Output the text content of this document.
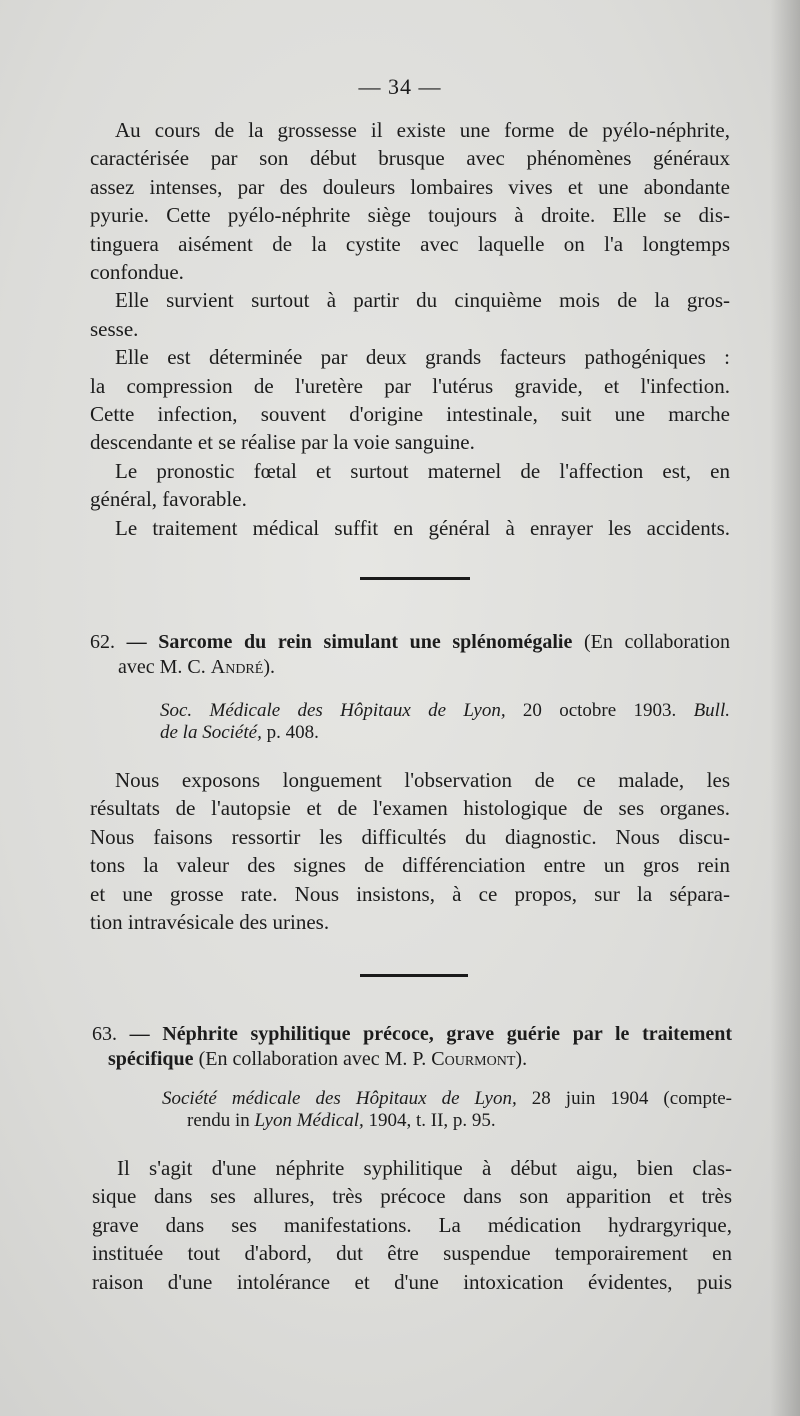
— 34 —
Au cours de la grossesse il existe une forme de pyélo-néphrite,
caractérisée par son début brusque avec phénomènes généraux
assez intenses, par des douleurs lombaires vives et une abondante
pyurie. Cette pyélo-néphrite siège toujours à droite. Elle se dis-
tinguera aisément de la cystite avec laquelle on l'a longtemps
confondue.
Elle survient surtout à partir du cinquième mois de la gros-
sesse.
Elle est déterminée par deux grands facteurs pathogéniques :
la compression de l'uretère par l'utérus gravide, et l'infection.
Cette infection, souvent d'origine intestinale, suit une marche
descendante et se réalise par la voie sanguine.
Le pronostic fœtal et surtout maternel de l'affection est, en
général, favorable.
Le traitement médical suffit en général à enrayer les accidents.
62. — Sarcome du rein simulant une splénomégalie (En collaboration
avec M. C. André).
Soc. Médicale des Hôpitaux de Lyon, 20 octobre 1903. Bull.
de la Société, p. 408.
Nous exposons longuement l'observation de ce malade, les
résultats de l'autopsie et de l'examen histologique de ses organes.
Nous faisons ressortir les difficultés du diagnostic. Nous discu-
tons la valeur des signes de différenciation entre un gros rein
et une grosse rate. Nous insistons, à ce propos, sur la sépara-
tion intravésicale des urines.
63. — Néphrite syphilitique précoce, grave guérie par le traitement
spécifique (En collaboration avec M. P. Courmont).
Société médicale des Hôpitaux de Lyon, 28 juin 1904 (compte-
rendu in Lyon Médical, 1904, t. II, p. 95.
Il s'agit d'une néphrite syphilitique à début aigu, bien clas-
sique dans ses allures, très précoce dans son apparition et très
grave dans ses manifestations. La médication hydrargyrique,
instituée tout d'abord, dut être suspendue temporairement en
raison d'une intolérance et d'une intoxication évidentes, puis
